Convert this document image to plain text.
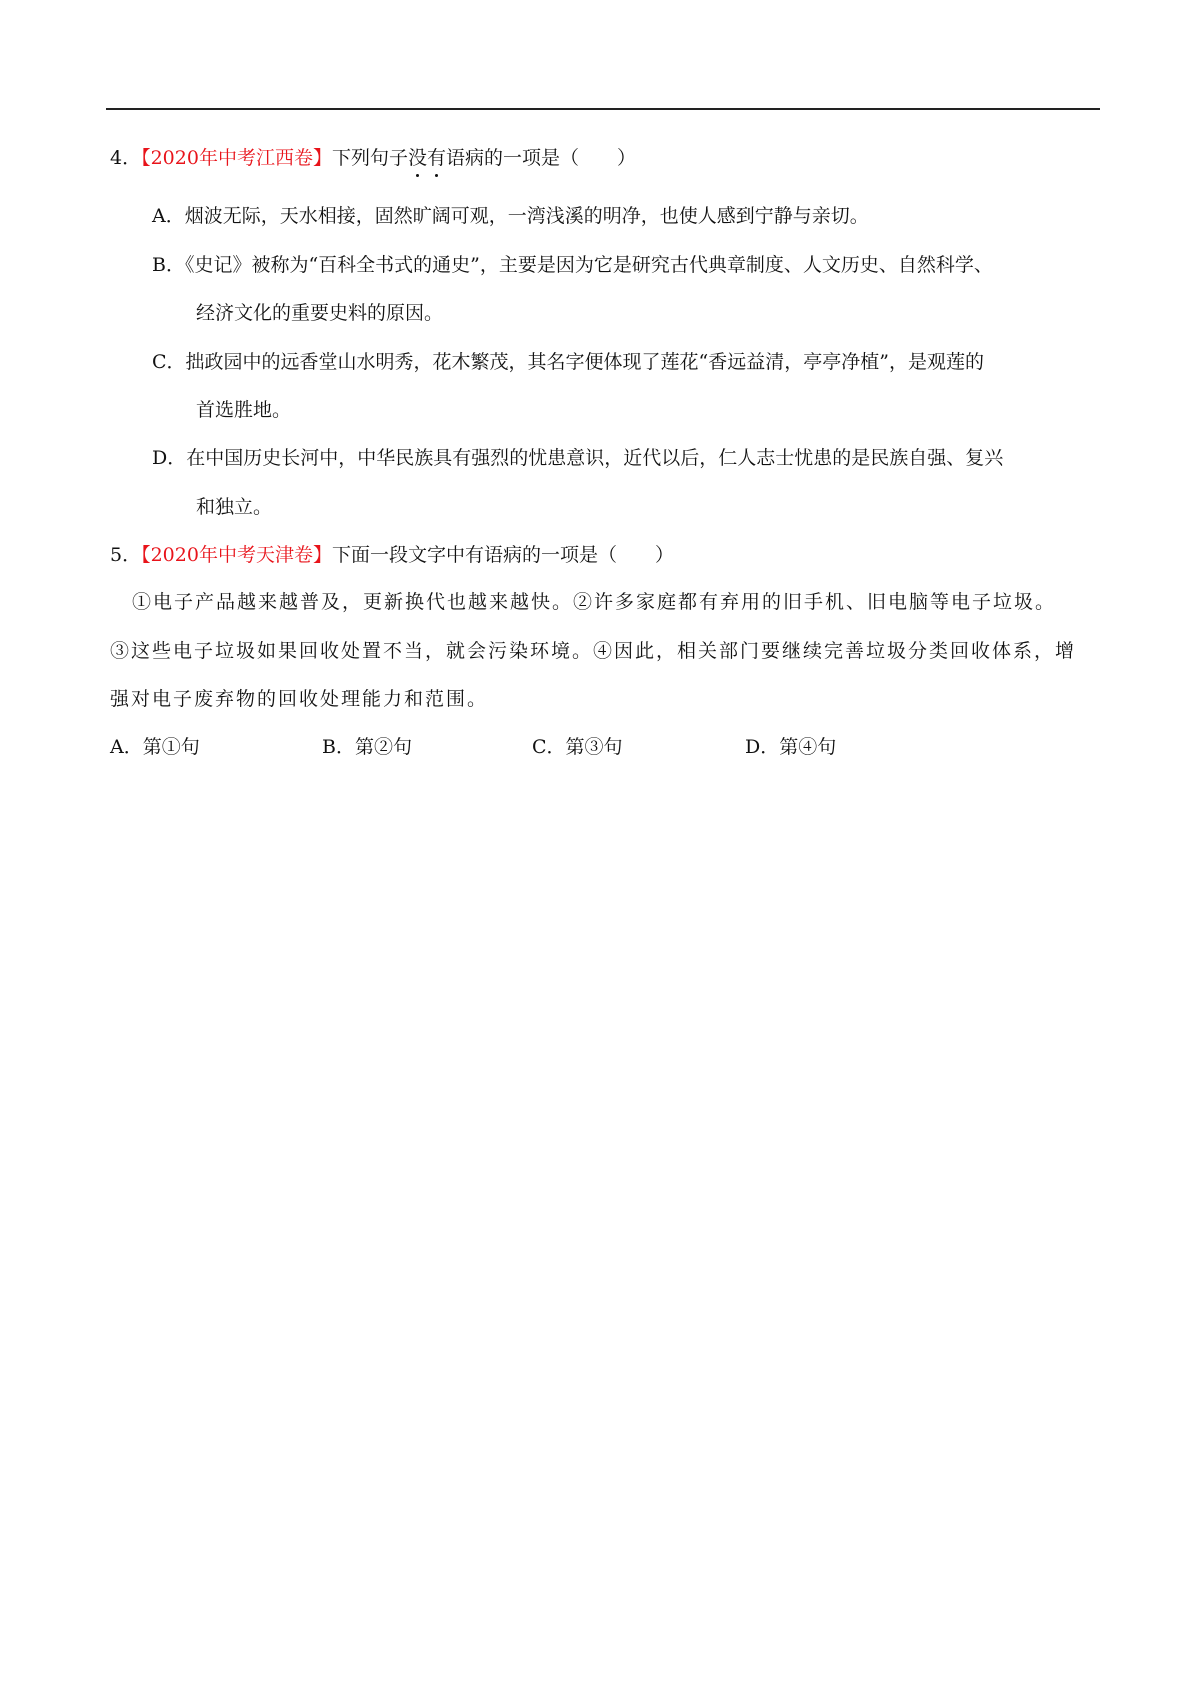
4．【2020年中考江西卷】下列句子没有语病的一项是（　　）
A．烟波无际，天水相接，固然旷阔可观，一湾浅溪的明净，也使人感到宁静与亲切。
B．《史记》被称为“百科全书式的通史”，主要是因为它是研究古代典章制度、人文历史、自然科学、
经济文化的重要史料的原因。
C．拙政园中的远香堂山水明秀，花木繁茂，其名字便体现了莲花“香远益清，亭亭净植”，是观莲的
首选胜地。
D．在中国历史长河中，中华民族具有强烈的忧患意识，近代以后，仁人志士忧患的是民族自强、复兴
和独立。
5．【2020年中考天津卷】下面一段文字中有语病的一项是（　　）
①电子产品越来越普及，更新换代也越来越快。②许多家庭都有弃用的旧手机、旧电脑等电子垃圾。
③这些电子垃圾如果回收处置不当，就会污染环境。④因此，相关部门要继续完善垃圾分类回收体系，增
强对电子废弃物的回收处理能力和范围。
A．第①句	B．第②句	C．第③句	D．第④句
